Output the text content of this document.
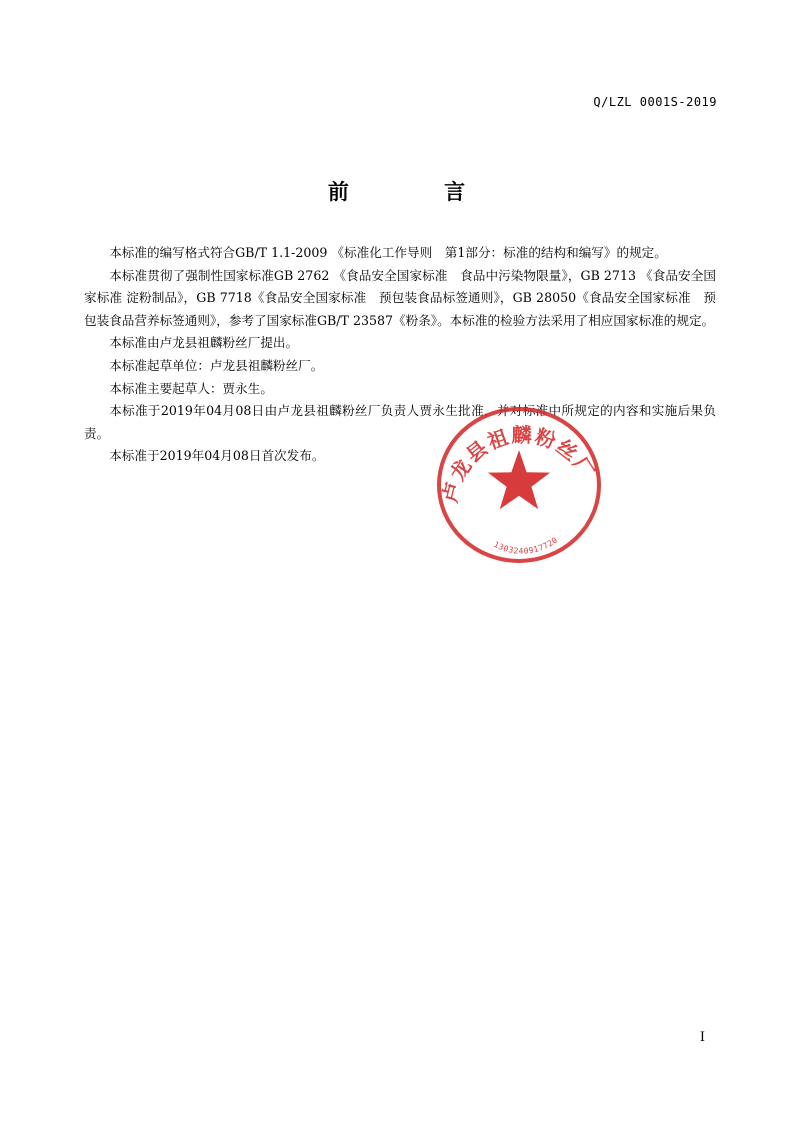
Q/LZL 0001S-2019
前	言

本标准的编写格式符合GB/T 1.1-2009 《标准化工作导则　第1部分：标准的结构和编写》的规定。

本标准贯彻了强制性国家标准GB 2762 《食品安全国家标准　食品中污染物限量》，GB 2713 《食品安全国家标准 淀粉制品》，GB 7718《食品安全国家标准　预包装食品标签通则》，GB 28050《食品安全国家标准　预包装食品营养标签通则》，参考了国家标准GB/T 23587《粉条》。本标准的检验方法采用了相应国家标准的规定。

本标准由卢龙县祖麟粉丝厂提出。

本标准起草单位：卢龙县祖麟粉丝厂。

本标准主要起草人：贾永生。

本标准于2019年04月08日由卢龙县祖麟粉丝厂负责人贾永生批准，并对标准中所规定的内容和实施后果负责。

本标准于2019年04月08日首次发布。

卢龙县祖麟粉丝厂
1303240917720
I
